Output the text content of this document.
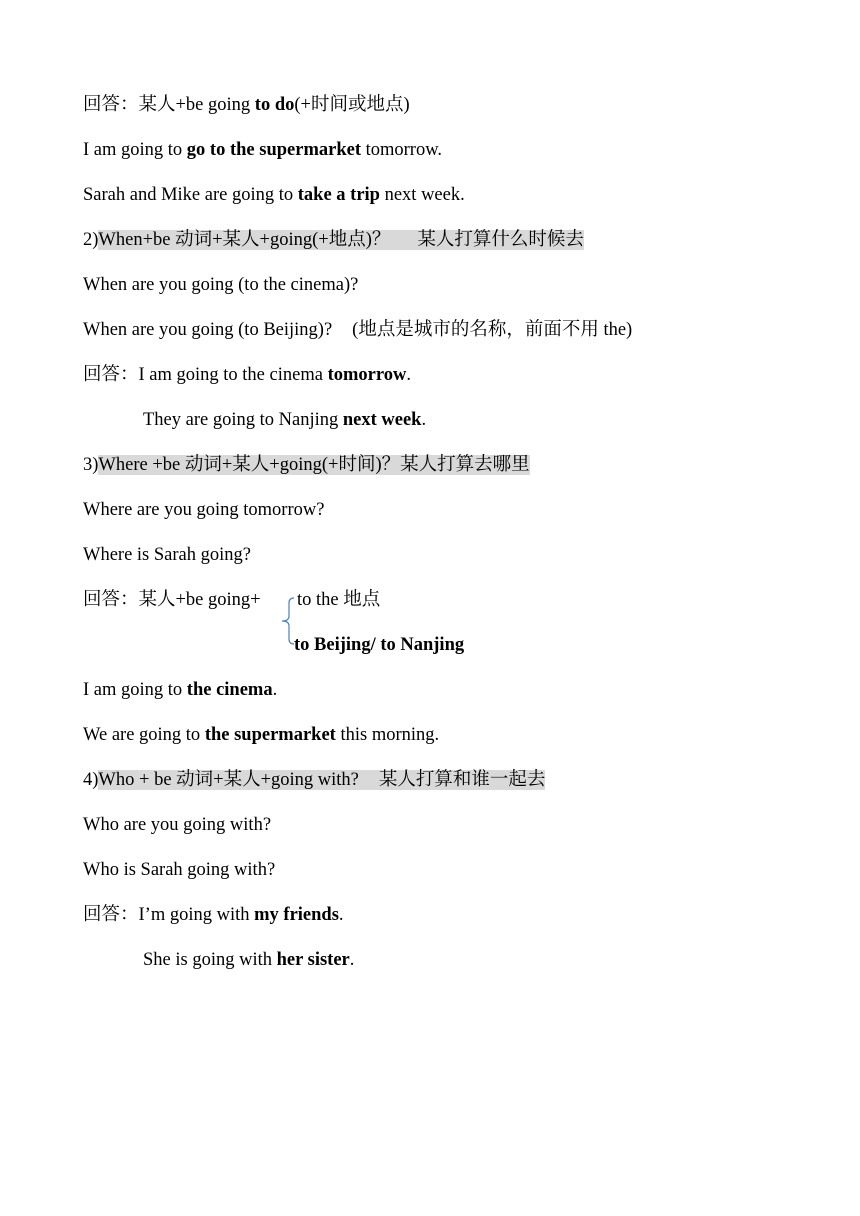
回答：某人+be going to do(+时间或地点)
I am going to go to the supermarket tomorrow.
Sarah and Mike are going to take a trip next week.
2)When+be 动词+某人+going(+地点)？ 某人打算什么时候去
When are you going (to the cinema)?
When are you going (to Beijing)? (地点是城市的名称，前面不用 the)
回答：I am going to the cinema tomorrow.
They are going to Nanjing next week.
3)Where +be 动词+某人+going(+时间)？某人打算去哪里
Where are you going tomorrow?
Where is Sarah going?
回答：某人+be going+ to the 地点
to Beijing/ to Nanjing
I am going to the cinema.
We are going to the supermarket this morning.
4)Who + be 动词+某人+going with? 某人打算和谁一起去
Who are you going with?
Who is Sarah going with?
回答：I’m going with my friends.
She is going with her sister.
